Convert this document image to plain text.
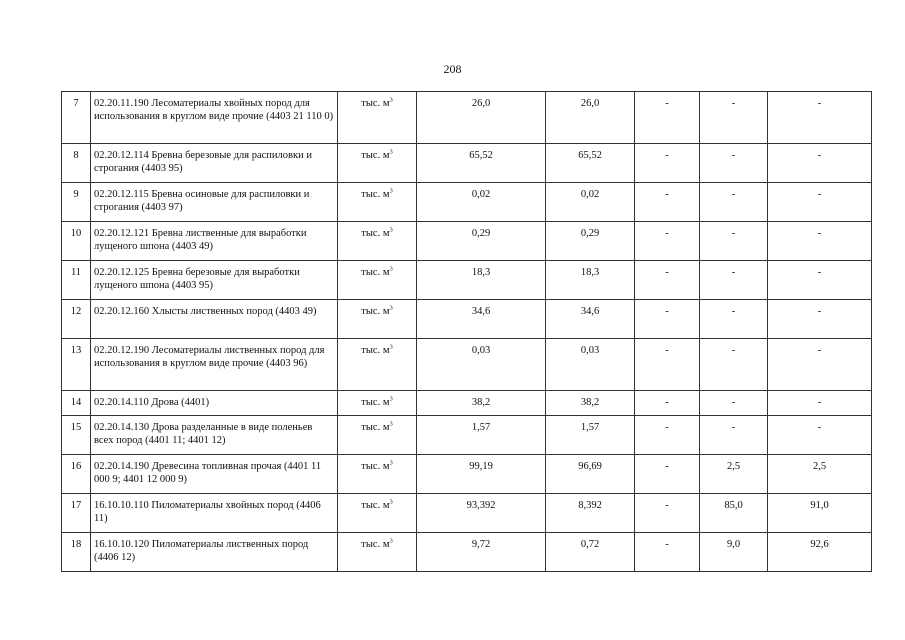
208
7	02.20.11.190 Лесоматериалы хвойных пород для использования в круглом виде прочие (4403 21 110 0)	тыс. $м^3$	26,0	26,0	-	-	-
8	02.20.12.114 Бревна березовые для распиловки и строгания (4403 95)	тыс. $м^3$	65,52	65,52	-	-	-
9	02.20.12.115 Бревна осиновые для распиловки и строгания (4403 97)	тыс. $м^3$	0,02	0,02	-	-	-
10	02.20.12.121 Бревна лиственные для выработки лущеного шпона (4403 49)	тыс. $м^3$	0,29	0,29	-	-	-
11	02.20.12.125 Бревна березовые для выработки лущеного шпона (4403 95)	тыс. $м^3$	18,3	18,3	-	-	-
12	02.20.12.160 Хлысты лиственных пород (4403 49)	тыс. $м^3$	34,6	34,6	-	-	-
13	02.20.12.190 Лесоматериалы лиственных пород для использования в круглом виде прочие (4403 96)	тыс. $м^3$	0,03	0,03	-	-	-
14	02.20.14.110 Дрова (4401)	тыс. $м^3$	38,2	38,2	-	-	-
15	02.20.14.130 Дрова разделанные в виде поленьев всех пород (4401 11; 4401 12)	тыс. $м^3$	1,57	1,57	-	-	-
16	02.20.14.190 Древесина топливная прочая (4401 11 000 9; 4401 12 000 9)	тыс. $м^3$	99,19	96,69	-	2,5	2,5
17	16.10.10.110 Пиломатериалы хвойных пород (4406 11)	тыс. $м^3$	93,392	8,392	-	85,0	91,0
18	16.10.10.120 Пиломатериалы лиственных пород (4406 12)	тыс. $м^3$	9,72	0,72	-	9,0	92,6
